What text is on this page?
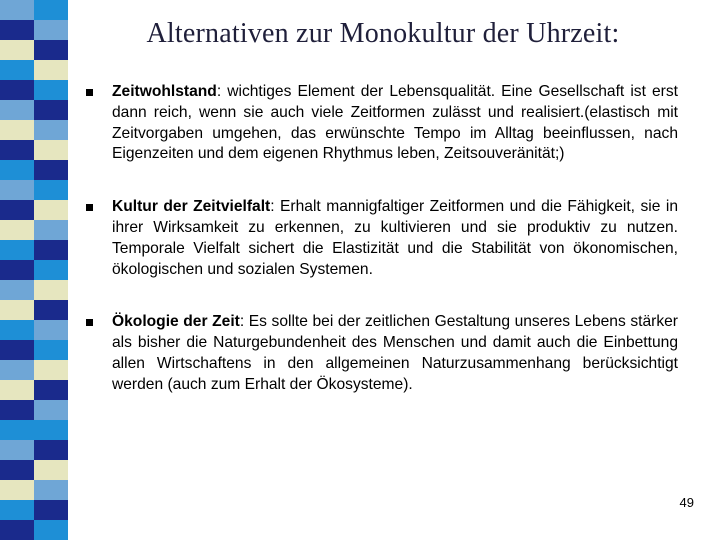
Alternativen zur Monokultur der Uhrzeit:
Zeitwohlstand: wichtiges Element der Lebensqualität. Eine Gesellschaft ist erst dann reich, wenn sie auch viele Zeitformen zulässt und realisiert.(elastisch mit Zeitvorgaben umgehen, das erwünschte Tempo im Alltag beeinflussen, nach Eigenzeiten und dem eigenen Rhythmus leben, Zeitsouveränität;)
Kultur der Zeitvielfalt: Erhalt mannigfaltiger Zeitformen und die Fähigkeit, sie in ihrer Wirksamkeit zu erkennen, zu kultivieren und sie produktiv zu nutzen. Temporale Vielfalt sichert die Elastizität und die Stabilität von ökonomischen, ökologischen und sozialen Systemen.
Ökologie der Zeit: Es sollte bei der zeitlichen Gestaltung unseres Lebens stärker als bisher die Naturgebundenheit des Menschen und damit auch die Einbettung allen Wirtschaftens in den allgemeinen Naturzusammenhang berücksichtigt werden (auch zum Erhalt der Ökosysteme).
49
